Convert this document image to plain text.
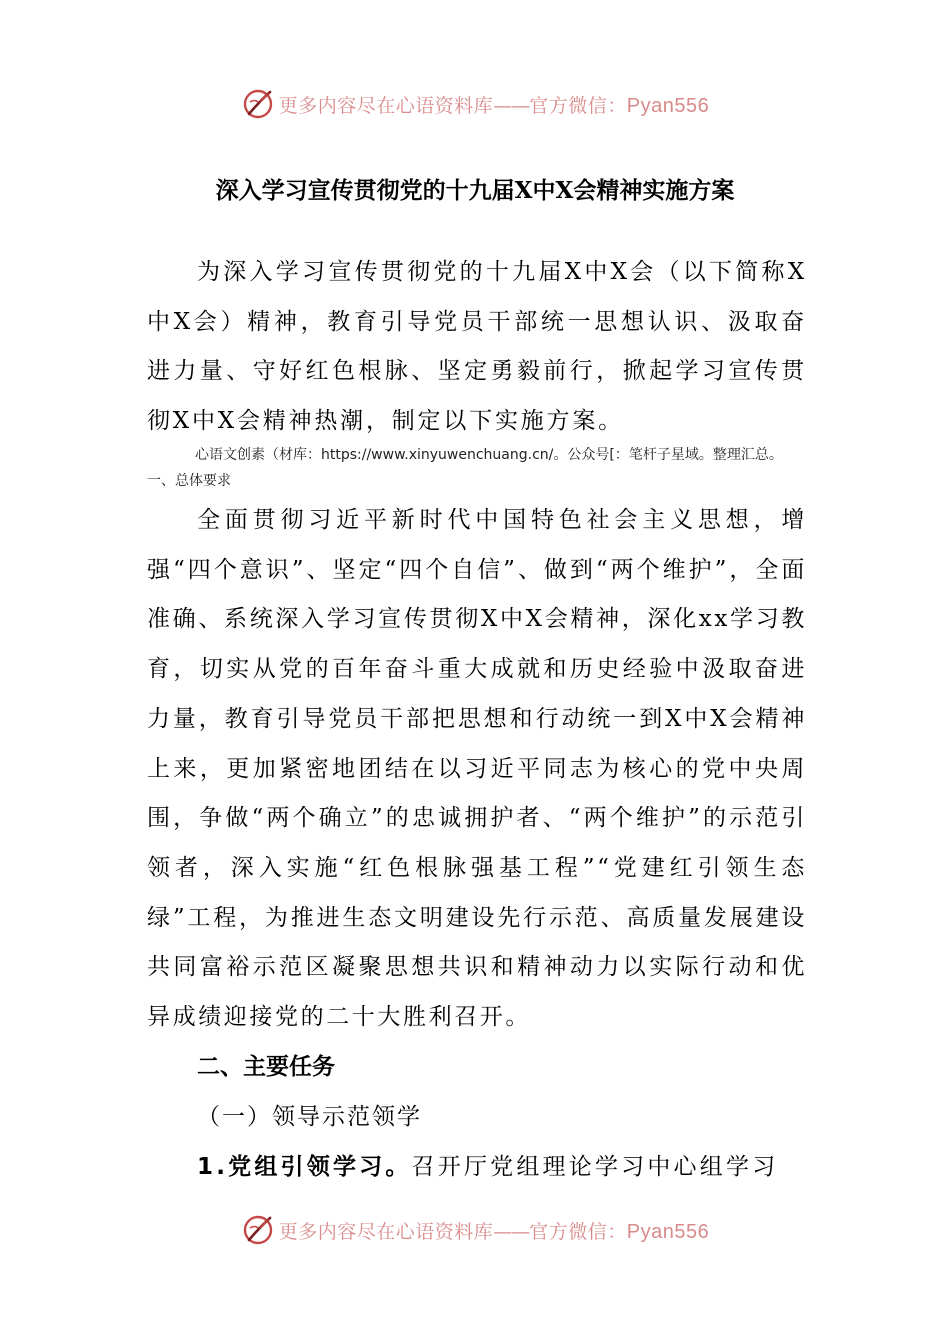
更多内容尽在心语资料库——官方微信：Pyan556
深入学习宣传贯彻党的十九届X中X会精神实施方案
为深入学习宣传贯彻党的十九届X中X会（以下简称X中X会）精神，教育引导党员干部统一思想认识、汲取奋进力量、守好红色根脉、坚定勇毅前行，掀起学习宣传贯彻X中X会精神热潮，制定以下实施方案。
心语文创素（材库：https://www.xinyuwenchuang.cn/。公众号[：笔杆子星域。整理汇总。一、总体要求
全面贯彻习近平新时代中国特色社会主义思想，增强“四个意识”、坚定“四个自信”、做到“两个维护”，全面准确、系统深入学习宣传贯彻X中X会精神，深化xx学习教育，切实从党的百年奋斗重大成就和历史经验中汲取奋进力量，教育引导党员干部把思想和行动统一到X中X会精神上来，更加紧密地团结在以习近平同志为核心的党中央周围，争做“两个确立”的忠诚拥护者、“两个维护”的示范引领者，深入实施“红色根脉强基工程”“党建红引领生态绿”工程，为推进生态文明建设先行示范、高质量发展建设共同富裕示范区凝聚思想共识和精神动力以实际行动和优异成绩迎接党的二十大胜利召开。
二、主要任务
（一）领导示范领学
1.党组引领学习。召开厅党组理论学习中心组学习
更多内容尽在心语资料库——官方微信：Pyan556
